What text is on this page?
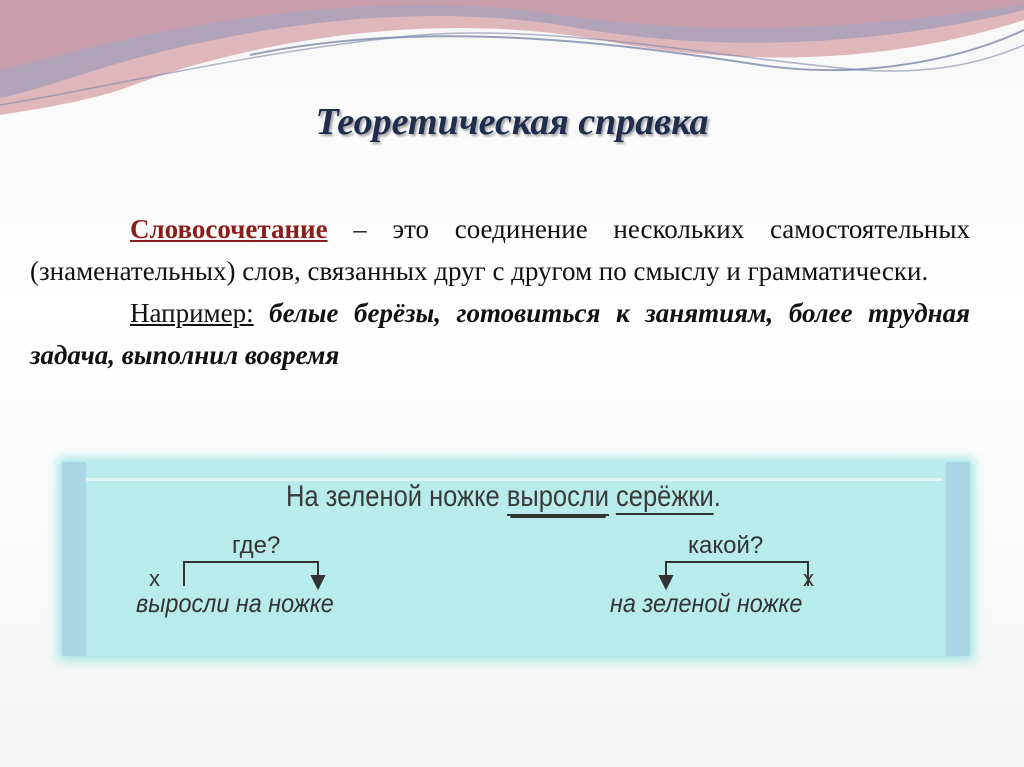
Теоретическая справка

Словосочетание – это соединение нескольких самостоятельных (знаменательных) слов, связанных друг с другом по смыслу и грамматически.

Например: белые берёзы, готовиться к занятиям, более трудная задача, выполнил вовремя

На зеленой ножке выросли серёжки.
где?
х
выросли на ножке
какой?
х
на зеленой ножке
